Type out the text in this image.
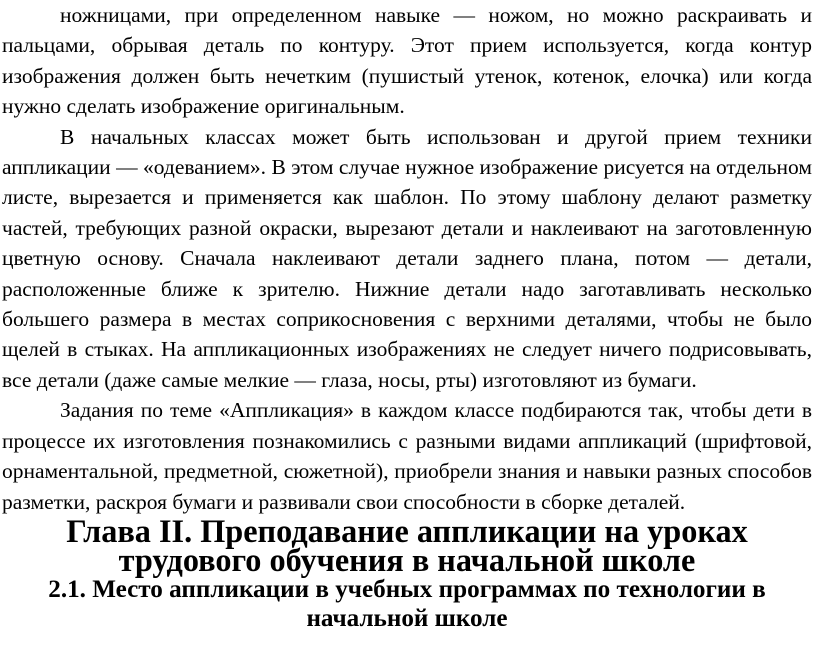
ножницами, при определенном навыке — ножом, но можно раскраивать и пальцами, обрывая деталь по контуру. Этот прием используется, когда контур изображения должен быть нечетким (пушистый утенок, котенок, елочка) или когда нужно сделать изображение оригинальным.

В начальных классах может быть использован и другой прием техники аппликации — «одеванием». В этом случае нужное изображение рисуется на отдельном листе, вырезается и применяется как шаблон. По этому шаблону делают разметку частей, требующих разной окраски, вырезают детали и наклеивают на заготовленную цветную основу. Сначала наклеивают детали заднего плана, потом — детали, расположенные ближе к зрителю. Нижние детали надо заготавливать несколько большего размера в местах соприкосновения с верхними деталями, чтобы не было щелей в стыках. На аппликационных изображениях не следует ничего подрисовывать, все детали (даже самые мелкие — глаза, носы, рты) изготовляют из бумаги.

Задания по теме «Аппликация» в каждом классе подбираются так, чтобы дети в процессе их изготовления познакомились с разными видами аппликаций (шрифтовой, орнаментальной, предметной, сюжетной), приобрели знания и навыки разных способов разметки, раскроя бумаги и развивали свои способности в сборке деталей.

Глава II. Преподавание аппликации на уроках трудового обучения в начальной школе
2.1. Место аппликации в учебных программах по технологии в начальной школе
